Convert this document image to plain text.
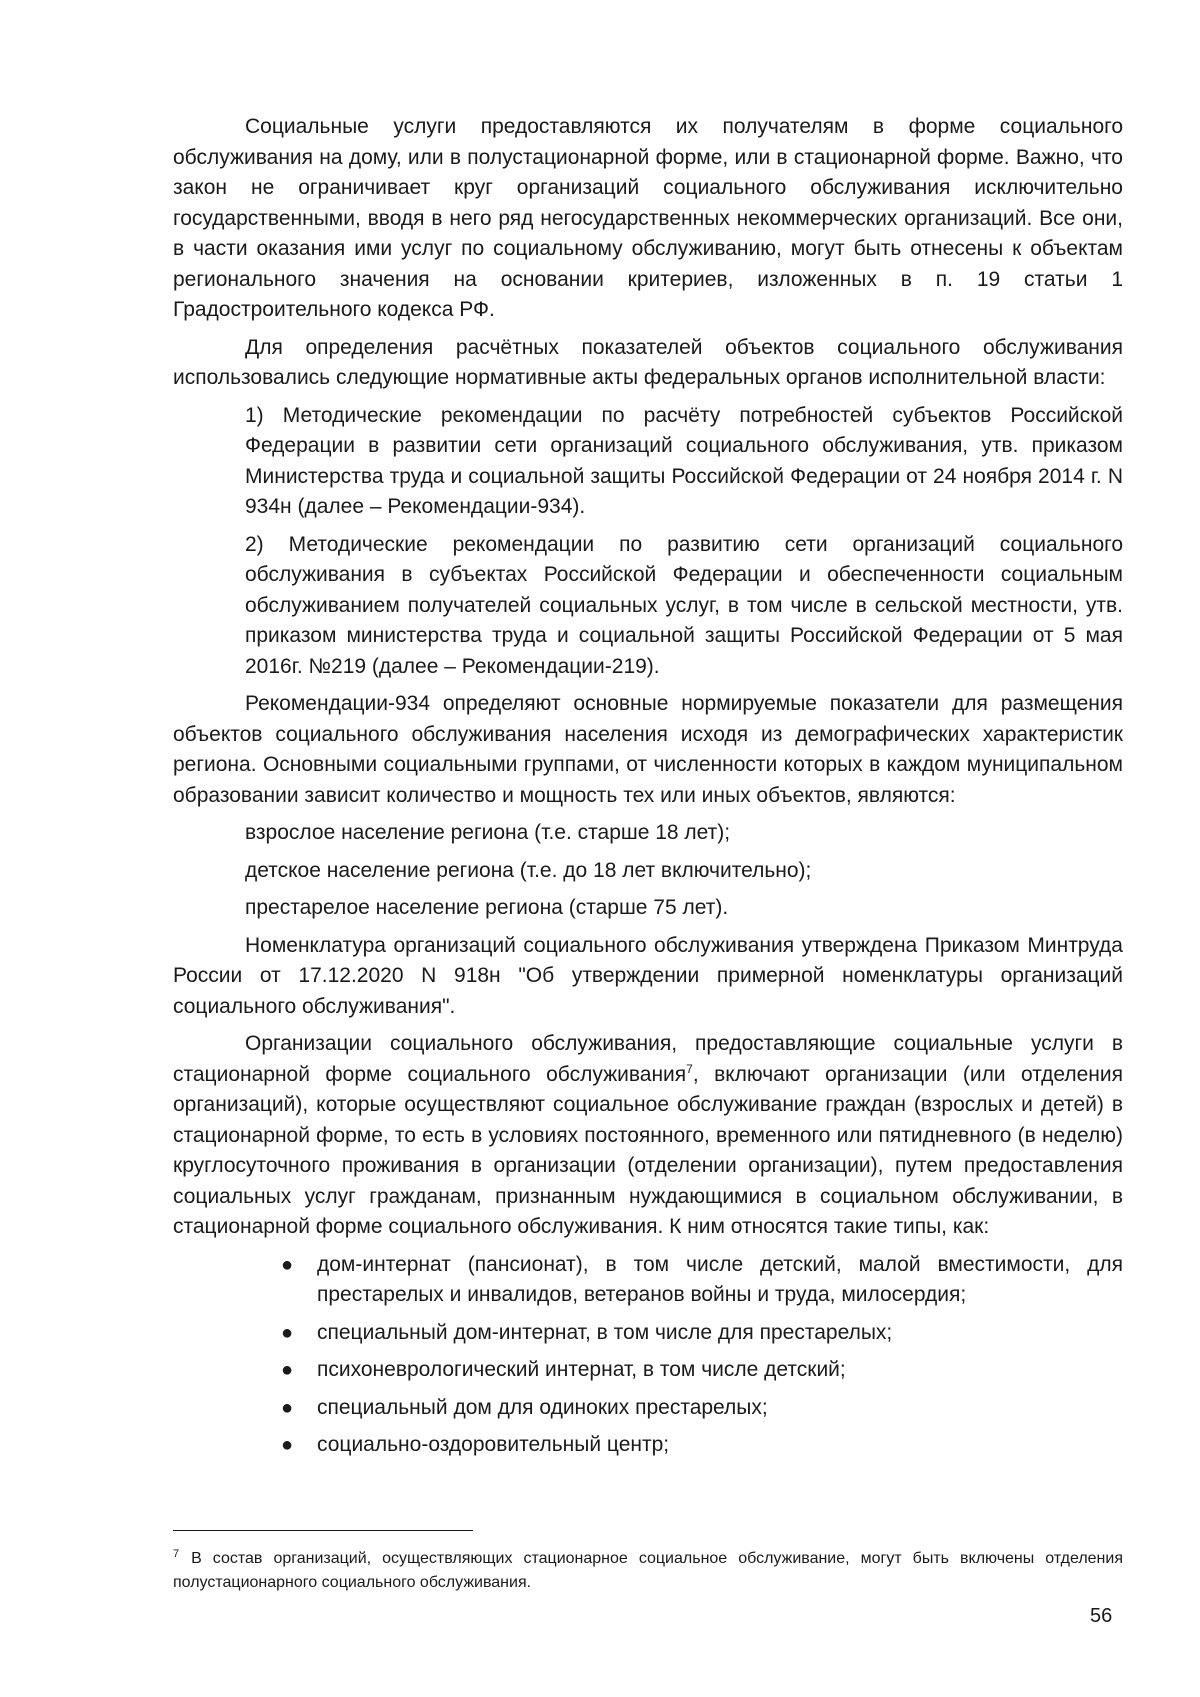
Социальные услуги предоставляются их получателям в форме социального обслуживания на дому, или в полустационарной форме, или в стационарной форме. Важно, что закон не ограничивает круг организаций социального обслуживания исключительно государственными, вводя в него ряд негосударственных некоммерческих организаций. Все они, в части оказания ими услуг по социальному обслуживанию, могут быть отнесены к объектам регионального значения на основании критериев, изложенных в п. 19 статьи 1 Градостроительного кодекса РФ.

Для определения расчётных показателей объектов социального обслуживания использовались следующие нормативные акты федеральных органов исполнительной власти:

1) Методические рекомендации по расчёту потребностей субъектов Российской Федерации в развитии сети организаций социального обслуживания, утв. приказом Министерства труда и социальной защиты Российской Федерации от 24 ноября 2014 г. N 934н (далее – Рекомендации-934).

2) Методические рекомендации по развитию сети организаций социального обслуживания в субъектах Российской Федерации и обеспеченности социальным обслуживанием получателей социальных услуг, в том числе в сельской местности, утв. приказом министерства труда и социальной защиты Российской Федерации от 5 мая 2016г. №219 (далее – Рекомендации-219).

Рекомендации-934 определяют основные нормируемые показатели для размещения объектов социального обслуживания населения исходя из демографических характеристик региона. Основными социальными группами, от численности которых в каждом муниципальном образовании зависит количество и мощность тех или иных объектов, являются:

взрослое население региона (т.е. старше 18 лет);

детское население региона (т.е. до 18 лет включительно);

престарелое население региона (старше 75 лет).

Номенклатура организаций социального обслуживания утверждена Приказом Минтруда России от 17.12.2020 N 918н "Об утверждении примерной номенклатуры организаций социального обслуживания".

Организации социального обслуживания, предоставляющие социальные услуги в стационарной форме социального обслуживания$^7$, включают организации (или отделения организаций), которые осуществляют социальное обслуживание граждан (взрослых и детей) в стационарной форме, то есть в условиях постоянного, временного или пятидневного (в неделю) круглосуточного проживания в организации (отделении организации), путем предоставления социальных услуг гражданам, признанным нуждающимися в социальном обслуживании, в стационарной форме социального обслуживания. К ним относятся такие типы, как:

● дом-интернат (пансионат), в том числе детский, малой вместимости, для престарелых и инвалидов, ветеранов войны и труда, милосердия;
● специальный дом-интернат, в том числе для престарелых;
● психоневрологический интернат, в том числе детский;
● специальный дом для одиноких престарелых;
● социально-оздоровительный центр;
$^7$ В состав организаций, осуществляющих стационарное социальное обслуживание, могут быть включены отделения полустационарного социального обслуживания.
56
